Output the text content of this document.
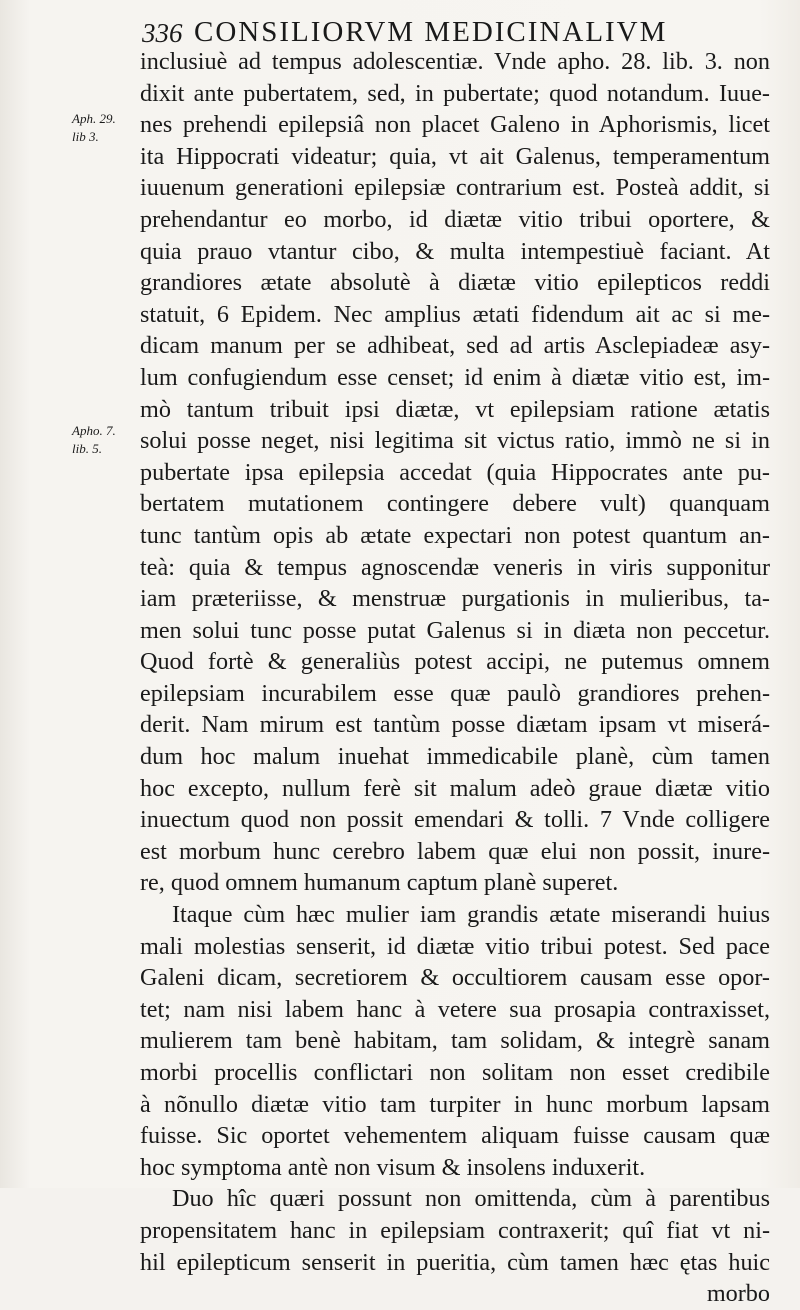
336 CONSILIORVM MEDICINALIVM
Aph. 29.
lib 3.
Apho. 7.
lib. 5.
inclusiuè ad tempus adolescentiæ. Vnde apho. 28. lib. 3. non
dixit ante pubertatem, sed, in pubertate; quod notandum. Iuue-
nes prehendi epilepsiâ non placet Galeno in Aphorismis, licet
ita Hippocrati videatur; quia, vt ait Galenus, temperamentum
iuuenum generationi epilepsiæ contrarium est. Posteà addit, si
prehendantur eo morbo, id diætæ vitio tribui oportere, &
quia prauo vtantur cibo, & multa intempestiuè faciant. At
grandiores ætate absolutè à diætæ vitio epilepticos reddi
statuit, 6 Epidem. Nec amplius ætati fidendum ait ac si me-
dicam manum per se adhibeat, sed ad artis Asclepiadeæ asy-
lum confugiendum esse censet; id enim à diætæ vitio est, im-
mò tantum tribuit ipsi diætæ, vt epilepsiam ratione ætatis
solui posse neget, nisi legitima sit victus ratio, immò ne si in
pubertate ipsa epilepsia accedat (quia Hippocrates ante pu-
bertatem mutationem contingere debere vult) quanquam
tunc tantùm opis ab ætate expectari non potest quantum an-
teà: quia & tempus agnoscendæ veneris in viris supponitur
iam prætеriisse, & menstruæ purgationis in mulieribus, ta-
men solui tunc posse putat Galenus si in diæta non peccetur.
Quod fortè & generaliùs potest accipi, ne putemus omnem
epilepsiam incurabilem esse quæ paulò grandiores prehen-
derit. Nam mirum est tantùm posse diætam ipsam vt miserá-
dum hoc malum inuehat immedicabile planè, cùm tamen
hoc excepto, nullum ferè sit malum adeò graue diætæ vitio
inuectum quod non possit emendari & tolli. 7 Vnde colligere
est morbum hunc cerebro labem quæ elui non possit, inure-
re, quod omnem humanum captum planè superet.
Itaque cùm hæc mulier iam grandis ætate miserandi huius
mali molestias senserit, id diætæ vitio tribui potest. Sed pace
Galeni dicam, secretiorem & occultiorem causam esse opor-
tet; nam nisi labem hanc à vetere sua prosapia contraxisset,
mulierem tam benè habitam, tam solidam, & integrè sanam
morbi procellis conflictari non solitam non esset credibile
à nõnullo diætæ vitio tam turpiter in hunc morbum lapsam
fuisse. Sic oportet vehementem aliquam fuisse causam quæ
hoc symptoma antè non visum & insolens induxerit.
Duo hîc quæri possunt non omittenda, cùm à parentibus
propensitatem hanc in epilepsiam contraxerit; quî fiat vt ni-
hil epilepticum senserit in pueritia, cùm tamen hæc ętas huic
morbo
